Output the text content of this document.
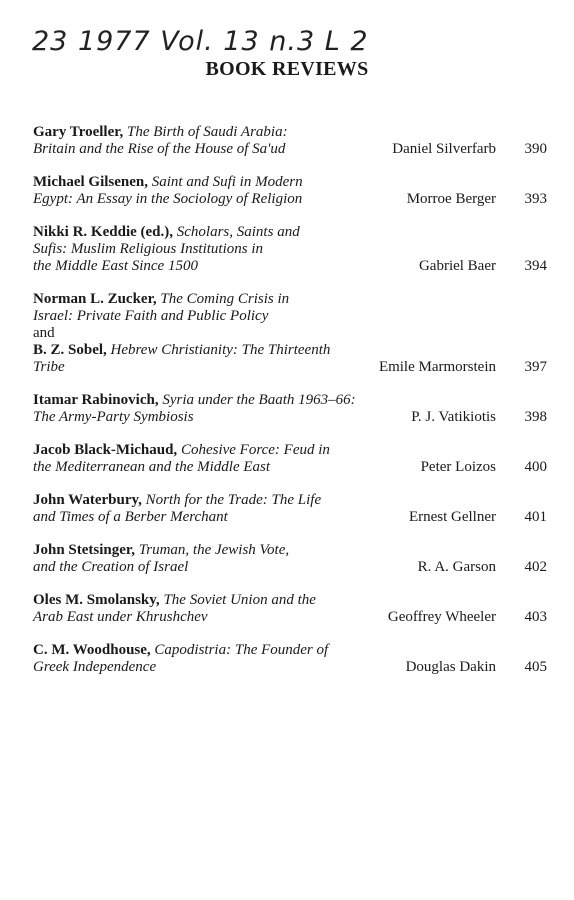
23 1977 Vol. 13 n.3 L 2
BOOK REVIEWS
Gary Troeller, The Birth of Saudi Arabia:
Britain and the Rise of the House of Sa'ud	Daniel Silverfarb 390
Michael Gilsenen, Saint and Sufi in Modern
Egypt: An Essay in the Sociology of Religion	Morroe Berger 393
Nikki R. Keddie (ed.), Scholars, Saints and
Sufis: Muslim Religious Institutions in
the Middle East Since 1500	Gabriel Baer 394
Norman L. Zucker, The Coming Crisis in
Israel: Private Faith and Public Policy
and
B. Z. Sobel, Hebrew Christianity: The Thirteenth
Tribe	Emile Marmorstein 397
Itamar Rabinovich, Syria under the Baath 1963–66:
The Army-Party Symbiosis	P. J. Vatikiotis 398
Jacob Black-Michaud, Cohesive Force: Feud in
the Mediterranean and the Middle East	Peter Loizos 400
John Waterbury, North for the Trade: The Life
and Times of a Berber Merchant	Ernest Gellner 401
John Stetsinger, Truman, the Jewish Vote,
and the Creation of Israel	R. A. Garson 402
Oles M. Smolansky, The Soviet Union and the
Arab East under Khrushchev	Geoffrey Wheeler 403
C. M. Woodhouse, Capodistria: The Founder of
Greek Independence	Douglas Dakin 405
